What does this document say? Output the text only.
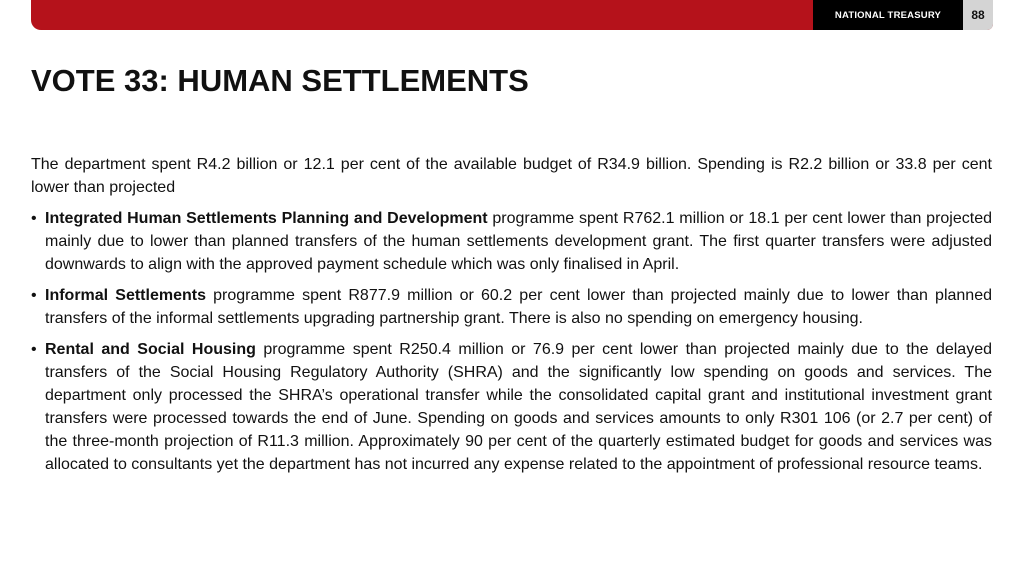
NATIONAL TREASURY	88
VOTE 33: HUMAN SETTLEMENTS

The department spent R4.2 billion or 12.1 per cent of the available budget of R34.9 billion. Spending is R2.2 billion or 33.8 per cent lower than projected

• Integrated Human Settlements Planning and Development programme spent R762.1 million or 18.1 per cent lower than projected mainly due to lower than planned transfers of the human settlements development grant. The first quarter transfers were adjusted downwards to align with the approved payment schedule which was only finalised in April.
• Informal Settlements programme spent R877.9 million or 60.2 per cent lower than projected mainly due to lower than planned transfers of the informal settlements upgrading partnership grant. There is also no spending on emergency housing.
• Rental and Social Housing programme spent R250.4 million or 76.9 per cent lower than projected mainly due to the delayed transfers of the Social Housing Regulatory Authority (SHRA) and the significantly low spending on goods and services. The department only processed the SHRA’s operational transfer while the consolidated capital grant and institutional investment grant transfers were processed towards the end of June. Spending on goods and services amounts to only R301 106 (or 2.7 per cent) of the three-month projection of R11.3 million. Approximately 90 per cent of the quarterly estimated budget for goods and services was allocated to consultants yet the department has not incurred any expense related to the appointment of professional resource teams.
